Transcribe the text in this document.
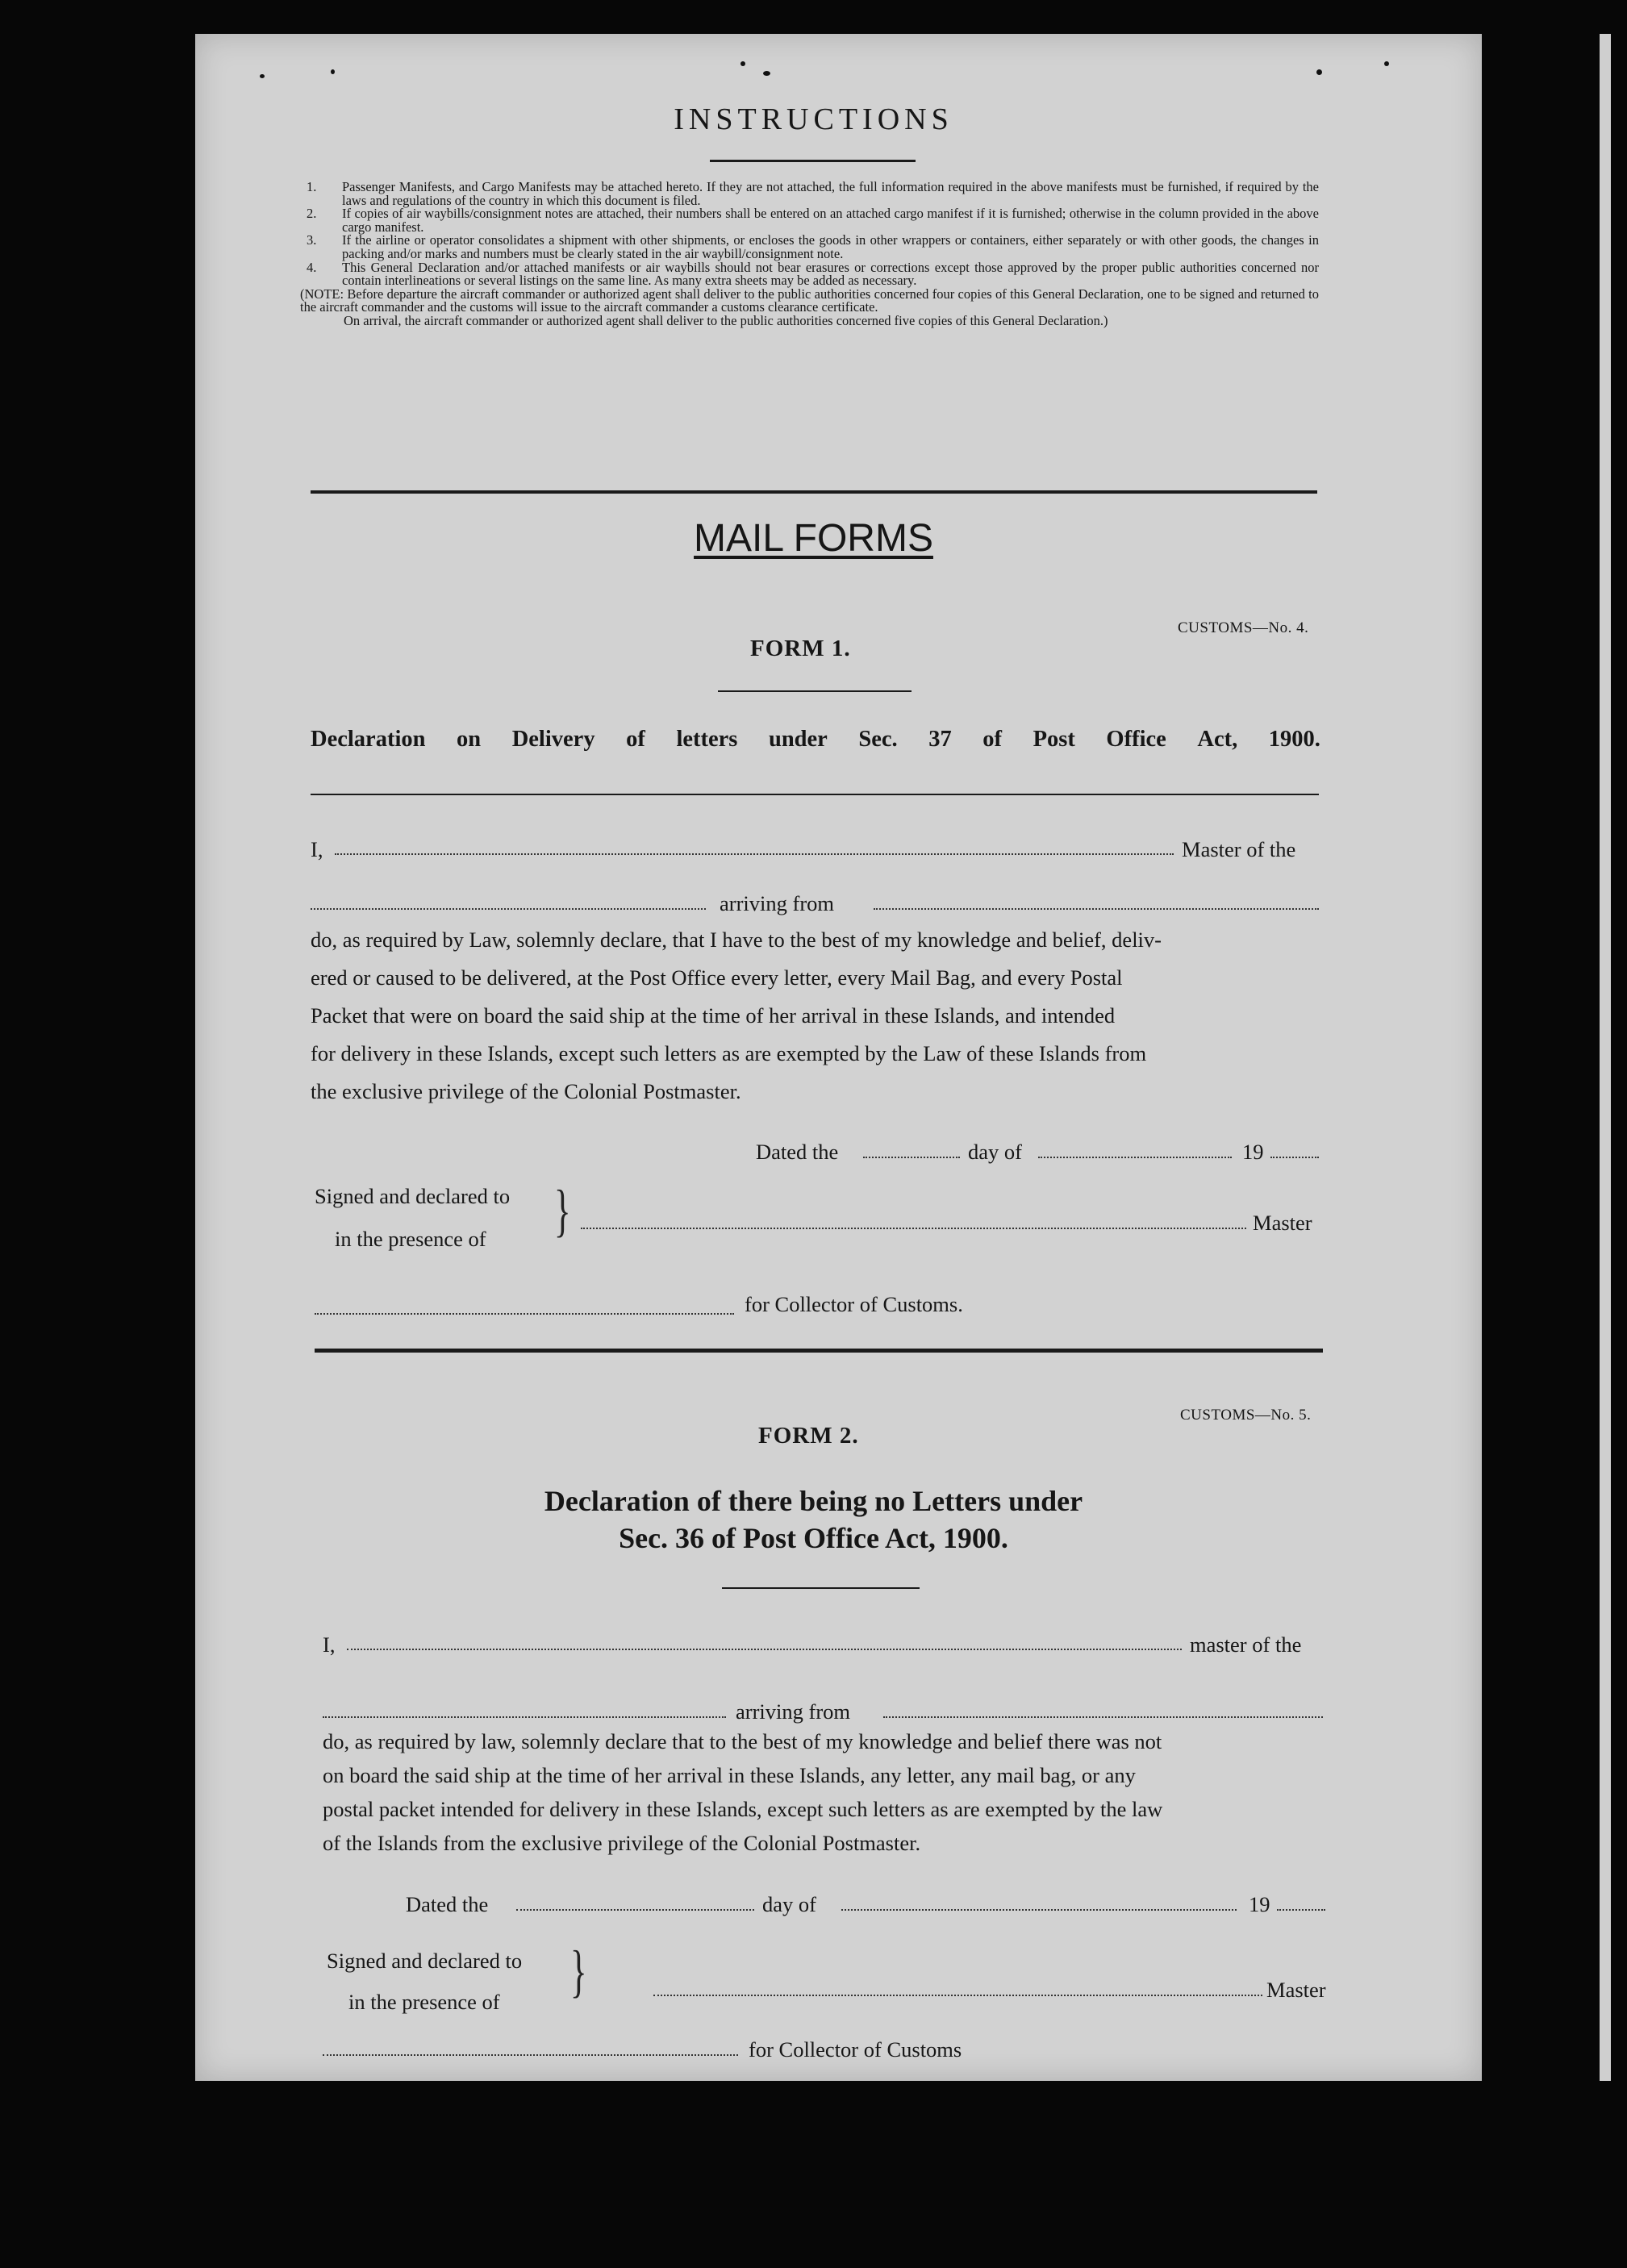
INSTRUCTIONS
1.	Passenger Manifests, and Cargo Manifests may be attached hereto. If they are not attached, the full information required in the above manifests must be furnished, if required by the laws and regulations of the country in which this document is filed.
2.	If copies of air waybills/consignment notes are attached, their numbers shall be entered on an attached cargo manifest if it is furnished; otherwise in the column provided in the above cargo manifest.
3.	If the airline or operator consolidates a shipment with other shipments, or encloses the goods in other wrappers or containers, either separately or with other goods, the changes in packing and/or marks and numbers must be clearly stated in the air waybill/consignment note.
4.	This General Declaration and/or attached manifests or air waybills should not bear erasures or corrections except those approved by the proper public authorities concerned nor contain interlineations or several listings on the same line. As many extra sheets may be added as necessary.
(NOTE: Before departure the aircraft commander or authorized agent shall deliver to the public authorities concerned four copies of this General Declaration, one to be signed and returned to the aircraft commander and the customs will issue to the aircraft commander a customs clearance certificate.
On arrival, the aircraft commander or authorized agent shall deliver to the public authorities concerned five copies of this General Declaration.)
MAIL FORMS
CUSTOMS—No. 4.
FORM 1.
Declaration on Delivery of letters under Sec. 37 of Post Office Act, 1900.
I,	Master of the
arriving from
do, as required by Law, solemnly declare, that I have to the best of my knowledge and belief, deliv-
ered or caused to be delivered, at the Post Office every letter, every Mail Bag, and every Postal
Packet that were on board the said ship at the time of her arrival in these Islands, and intended
for delivery in these Islands, except such letters as are exempted by the Law of these Islands from
the exclusive privilege of the Colonial Postmaster.
Dated the	day of	19
Signed and declared to
in the presence of }	Master
for Collector of Customs.
CUSTOMS—No. 5.
FORM 2.
Declaration of there being no Letters under
Sec. 36 of Post Office Act, 1900.
I,	master of the
arriving from
do, as required by law, solemnly declare that to the best of my knowledge and belief there was not
on board the said ship at the time of her arrival in these Islands, any letter, any mail bag, or any
postal packet intended for delivery in these Islands, except such letters as are exempted by the law
of the Islands from the exclusive privilege of the Colonial Postmaster.
Dated the	day of	19
Signed and declared to
in the presence of }	Master
for Collector of Customs
